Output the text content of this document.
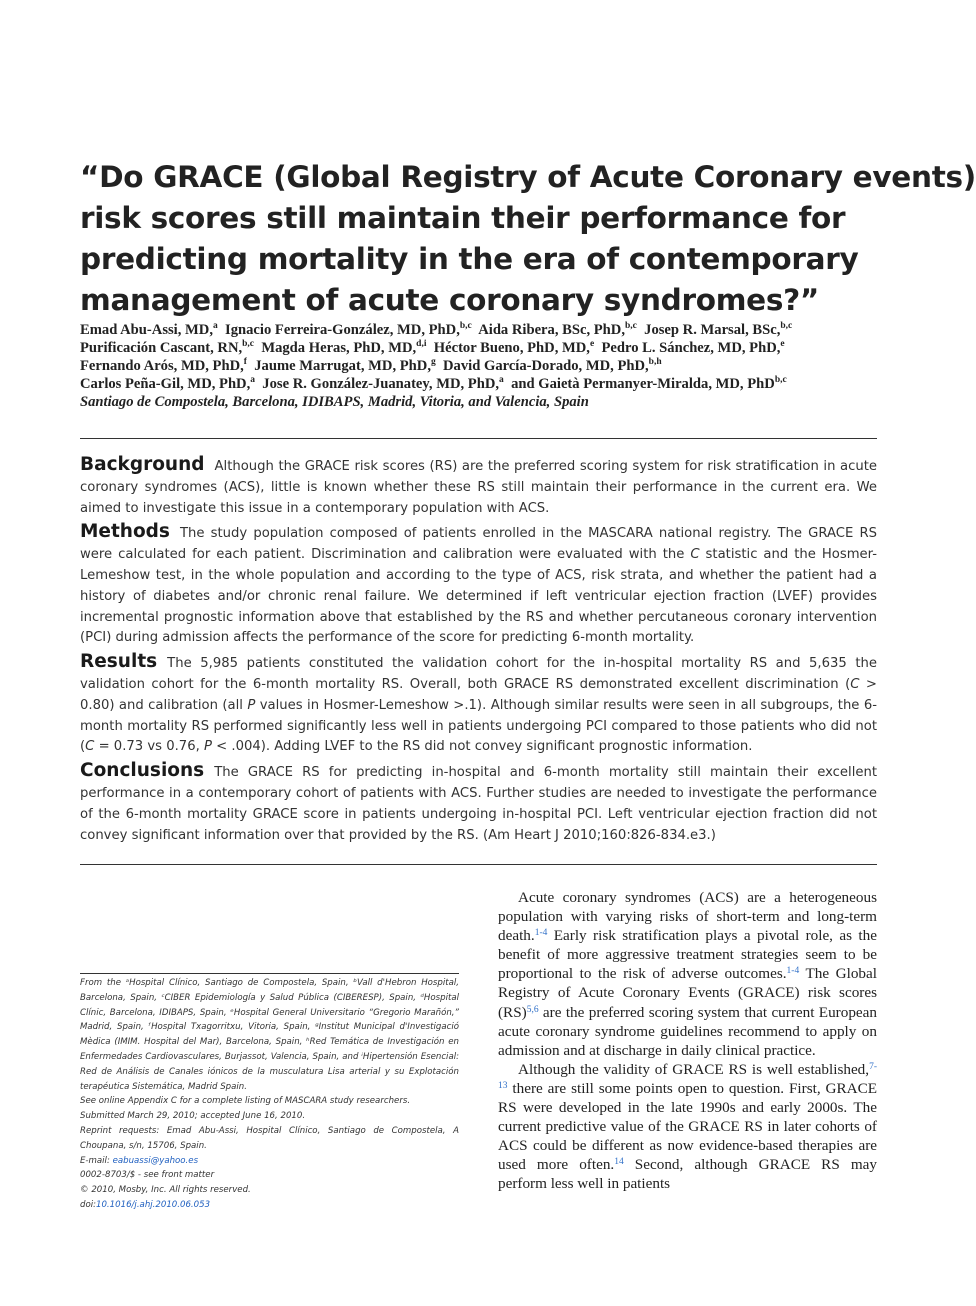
“Do GRACE (Global Registry of Acute Coronary events)
risk scores still maintain their performance for
predicting mortality in the era of contemporary
management of acute coronary syndromes?”
Emad Abu-Assi, MD,$^a$ Ignacio Ferreira-González, MD, PhD,$^{b,c}$ Aida Ribera, BSc, PhD,$^{b,c}$ Josep R. Marsal, BSc,$^{b,c}$
Purificación Cascant, RN,$^{b,c}$ Magda Heras, PhD, MD,$^{d,i}$ Héctor Bueno, PhD, MD,$^e$ Pedro L. Sánchez, MD, PhD,$^e$
Fernando Arós, MD, PhD,$^f$ Jaume Marrugat, MD, PhD,$^g$ David García-Dorado, MD, PhD,$^{b,h}$
Carlos Peña-Gil, MD, PhD,$^a$ Jose R. González-Juanatey, MD, PhD,$^a$ and Gaietà Permanyer-Miralda, MD, PhD$^{b,c}$
Santiago de Compostela, Barcelona, IDIBAPS, Madrid, Vitoria, and Valencia, Spain

Background Although the GRACE risk scores (RS) are the preferred scoring system for risk stratification in acute coronary syndromes (ACS), little is known whether these RS still maintain their performance in the current era. We aimed to investigate this issue in a contemporary population with ACS.

Methods The study population composed of patients enrolled in the MASCARA national registry. The GRACE RS were calculated for each patient. Discrimination and calibration were evaluated with the C statistic and the Hosmer-Lemeshow test, in the whole population and according to the type of ACS, risk strata, and whether the patient had a history of diabetes and/or chronic renal failure. We determined if left ventricular ejection fraction (LVEF) provides incremental prognostic information above that established by the RS and whether percutaneous coronary intervention (PCI) during admission affects the performance of the score for predicting 6-month mortality.

Results The 5,985 patients constituted the validation cohort for the in-hospital mortality RS and 5,635 the validation cohort for the 6-month mortality RS. Overall, both GRACE RS demonstrated excellent discrimination (C > 0.80) and calibration (all P values in Hosmer-Lemeshow >.1). Although similar results were seen in all subgroups, the 6-month mortality RS performed significantly less well in patients undergoing PCI compared to those patients who did not (C = 0.73 vs 0.76, P < .004). Adding LVEF to the RS did not convey significant prognostic information.

Conclusions The GRACE RS for predicting in-hospital and 6-month mortality still maintain their excellent performance in a contemporary cohort of patients with ACS. Further studies are needed to investigate the performance of the 6-month mortality GRACE score in patients undergoing in-hospital PCI. Left ventricular ejection fraction did not convey significant information over that provided by the RS. (Am Heart J 2010;160:826-834.e3.)

From the ᵃHospital Clínico, Santiago de Compostela, Spain, ᵇVall d'Hebron Hospital, Barcelona, Spain, ᶜCIBER Epidemiología y Salud Pública (CIBERESP), Spain, ᵈHospital Clínic, Barcelona, IDIBAPS, Spain, ᵉHospital General Universitario “Gregorio Marañón,” Madrid, Spain, ᶠHospital Txagorritxu, Vitoria, Spain, ᵍInstitut Municipal d'Investigació Mèdica (IMIM. Hospital del Mar), Barcelona, Spain, ʰRed Temática de Investigación en Enfermedades Cardiovasculares, Burjassot, Valencia, Spain, and ⁱHipertensión Esencial: Red de Análisis de Canales iónicos de la musculatura Lisa arterial y su Explotación terapéutica Sistemática, Madrid Spain.

See online Appendix C for a complete listing of MASCARA study researchers.

Submitted March 29, 2010; accepted June 16, 2010.

Reprint requests: Emad Abu-Assi, Hospital Clínico, Santiago de Compostela, A Choupana, s/n, 15706, Spain.

E-mail: eabuassi@yahoo.es

0002-8703/$ - see front matter

© 2010, Mosby, Inc. All rights reserved.

doi:10.1016/j.ahj.2010.06.053

Acute coronary syndromes (ACS) are a heterogeneous population with varying risks of short-term and long-term death.$^{1-4}$ Early risk stratification plays a pivotal role, as the benefit of more aggressive treatment strategies seem to be proportional to the risk of adverse outcomes.$^{1-4}$ The Global Registry of Acute Coronary Events (GRACE) risk scores (RS)$^{5,6}$ are the preferred scoring system that current European acute coronary syndrome guidelines recommend to apply on admission and at discharge in daily clinical practice.

Although the validity of GRACE RS is well established,$^{7-13}$ there are still some points open to question. First, GRACE RS were developed in the late 1990s and early 2000s. The current predictive value of the GRACE RS in later cohorts of ACS could be different as now evidence-based therapies are used more often.$^{14}$ Second, although GRACE RS may perform less well in patients
